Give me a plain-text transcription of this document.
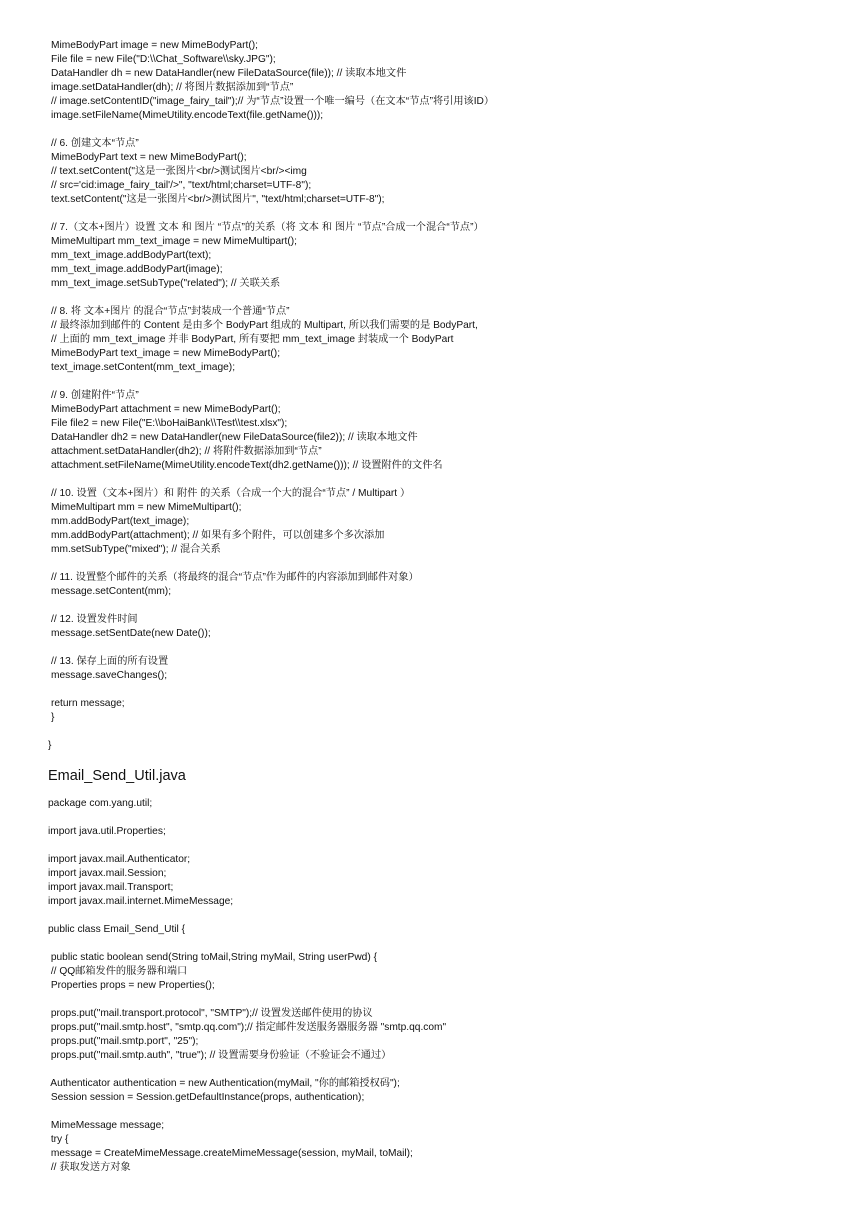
MimeBodyPart image = new MimeBodyPart();
File file = new File("D:\\Chat_Software\\sky.JPG");
DataHandler dh = new DataHandler(new FileDataSource(file)); // 读取本地文件
image.setDataHandler(dh); // 将图片数据添加到“节点”
// image.setContentID("image_fairy_tail");// 为“节点”设置一个唯一编号（在文本“节点”将引用该ID）
image.setFileName(MimeUtility.encodeText(file.getName()));
// 6. 创建文本“节点”
MimeBodyPart text = new MimeBodyPart();
// text.setContent("这是一张图片<br/>测试图片<br/><img
// src='cid:image_fairy_tail'/>", "text/html;charset=UTF-8");
text.setContent("这是一张图片<br/>测试图片", "text/html;charset=UTF-8");
// 7.（文本+图片）设置 文本 和 图片 “节点”的关系（将 文本 和 图片 “节点”合成一个混合“节点”）
MimeMultipart mm_text_image = new MimeMultipart();
mm_text_image.addBodyPart(text);
mm_text_image.addBodyPart(image);
mm_text_image.setSubType("related"); // 关联关系
// 8. 将 文本+图片 的混合“节点”封装成一个普通“节点”
// 最终添加到邮件的 Content 是由多个 BodyPart 组成的 Multipart, 所以我们需要的是 BodyPart,
// 上面的 mm_text_image 并非 BodyPart, 所有要把 mm_text_image 封装成一个 BodyPart
MimeBodyPart text_image = new MimeBodyPart();
text_image.setContent(mm_text_image);
// 9. 创建附件“节点”
MimeBodyPart attachment = new MimeBodyPart();
File file2 = new File("E:\\boHaiBank\\Test\\test.xlsx");
DataHandler dh2 = new DataHandler(new FileDataSource(file2)); // 读取本地文件
attachment.setDataHandler(dh2); // 将附件数据添加到“节点”
attachment.setFileName(MimeUtility.encodeText(dh2.getName())); // 设置附件的文件名
// 10. 设置（文本+图片）和 附件 的关系（合成一个大的混合“节点” / Multipart ）
MimeMultipart mm = new MimeMultipart();
mm.addBodyPart(text_image);
mm.addBodyPart(attachment); // 如果有多个附件，可以创建多个多次添加
mm.setSubType("mixed"); // 混合关系
// 11. 设置整个邮件的关系（将最终的混合“节点”作为邮件的内容添加到邮件对象）
message.setContent(mm);
// 12. 设置发件时间
message.setSentDate(new Date());
// 13. 保存上面的所有设置
message.saveChanges();
return message;
}
}
Email_Send_Util.java
package com.yang.util;
import java.util.Properties;
import javax.mail.Authenticator;
import javax.mail.Session;
import javax.mail.Transport;
import javax.mail.internet.MimeMessage;
public class Email_Send_Util {
public static boolean send(String toMail,String myMail, String userPwd) {
// QQ邮箱发件的服务器和端口
Properties props = new Properties();
props.put("mail.transport.protocol", "SMTP");// 设置发送邮件使用的协议
props.put("mail.smtp.host", "smtp.qq.com");// 指定邮件发送服务器服务器 "smtp.qq.com"
props.put("mail.smtp.port", "25");
props.put("mail.smtp.auth", "true"); // 设置需要身份验证（不验证会不通过）
Authenticator authentication = new Authentication(myMail, "你的邮箱授权码");
Session session = Session.getDefaultInstance(props, authentication);
MimeMessage message;
try {
message = CreateMimeMessage.createMimeMessage(session, myMail, toMail);
// 获取发送方对象
